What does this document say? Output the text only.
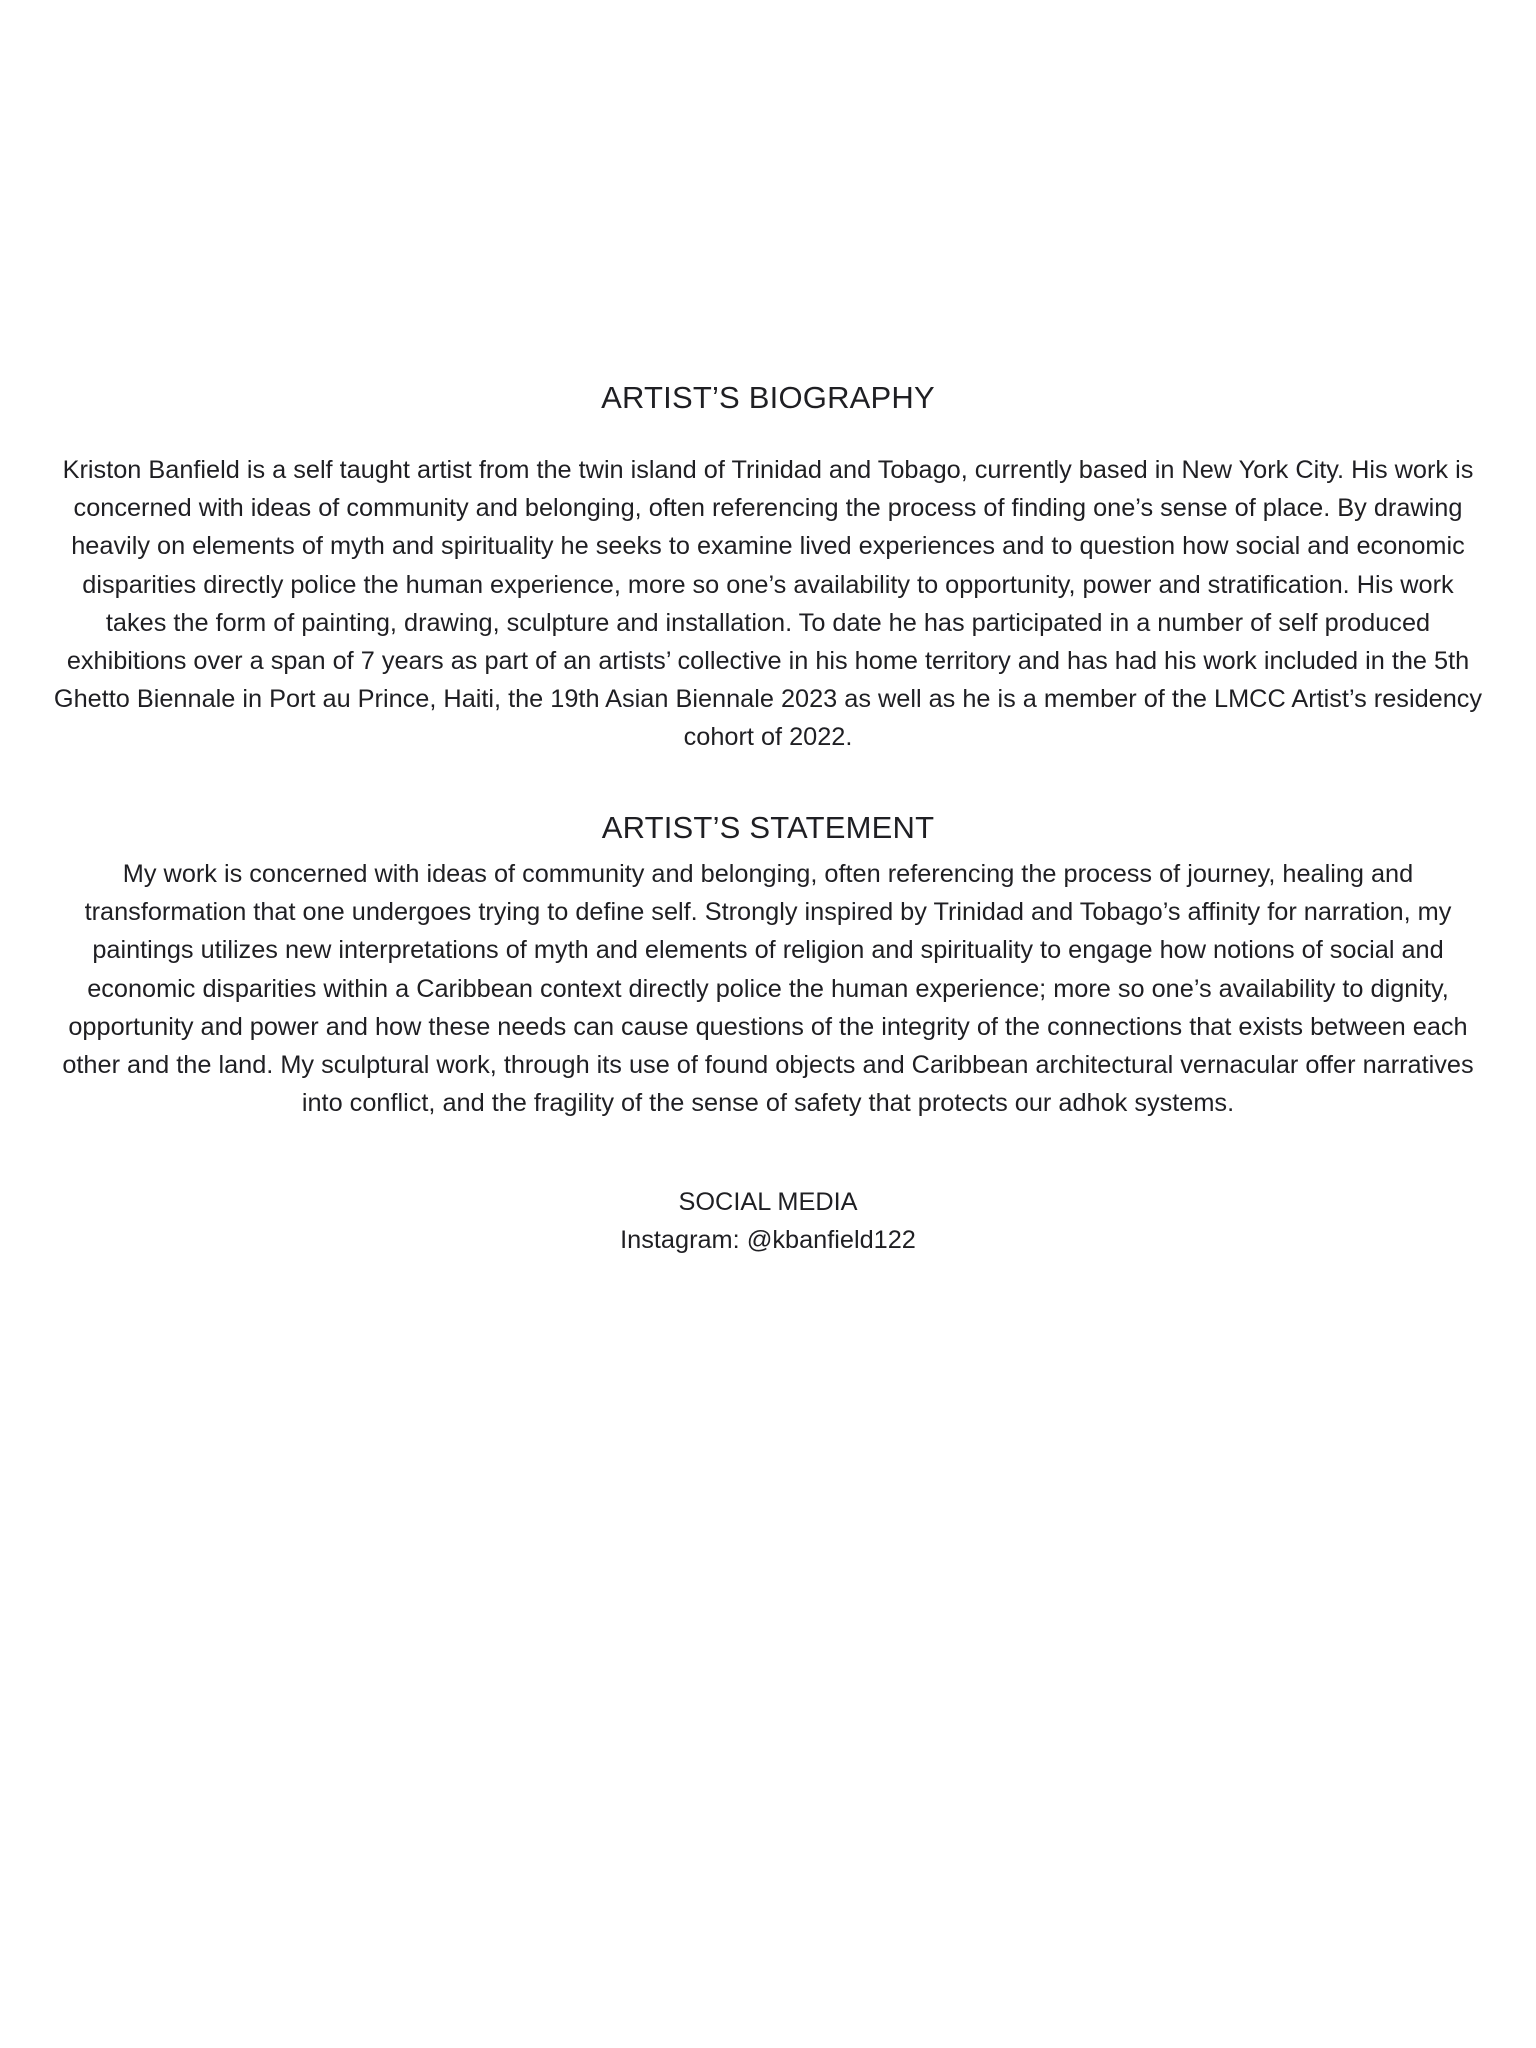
ARTIST’S BIOGRAPHY

Kriston Banfield is a self taught artist from the twin island of Trinidad and Tobago, currently based in New York City. His work is concerned with ideas of community and belonging, often referencing the process of finding one’s sense of place. By drawing heavily on elements of myth and spirituality he seeks to examine lived experiences and to question how social and economic disparities directly police the human experience, more so one’s availability to opportunity, power and stratification. His work takes the form of painting, drawing, sculpture and installation. To date he has participated in a number of self produced exhibitions over a span of 7 years as part of an artists’ collective in his home territory and has had his work included in the 5th Ghetto Biennale in Port au Prince, Haiti, the 19th Asian Biennale 2023 as well as he is a member of the LMCC Artist’s residency cohort of 2022.

ARTIST’S STATEMENT

My work is concerned with ideas of community and belonging, often referencing the process of journey, healing and transformation that one undergoes trying to define self. Strongly inspired by Trinidad and Tobago’s affinity for narration, my paintings utilizes new interpretations of myth and elements of religion and spirituality to engage how notions of social and economic disparities within a Caribbean context directly police the human experience; more so one’s availability to dignity, opportunity and power and how these needs can cause questions of the integrity of the connections that exists between each other and the land. My sculptural work, through its use of found objects and Caribbean architectural vernacular offer narratives into conflict, and the fragility of the sense of safety that protects our adhok systems.

SOCIAL MEDIA

Instagram: @kbanfield122
